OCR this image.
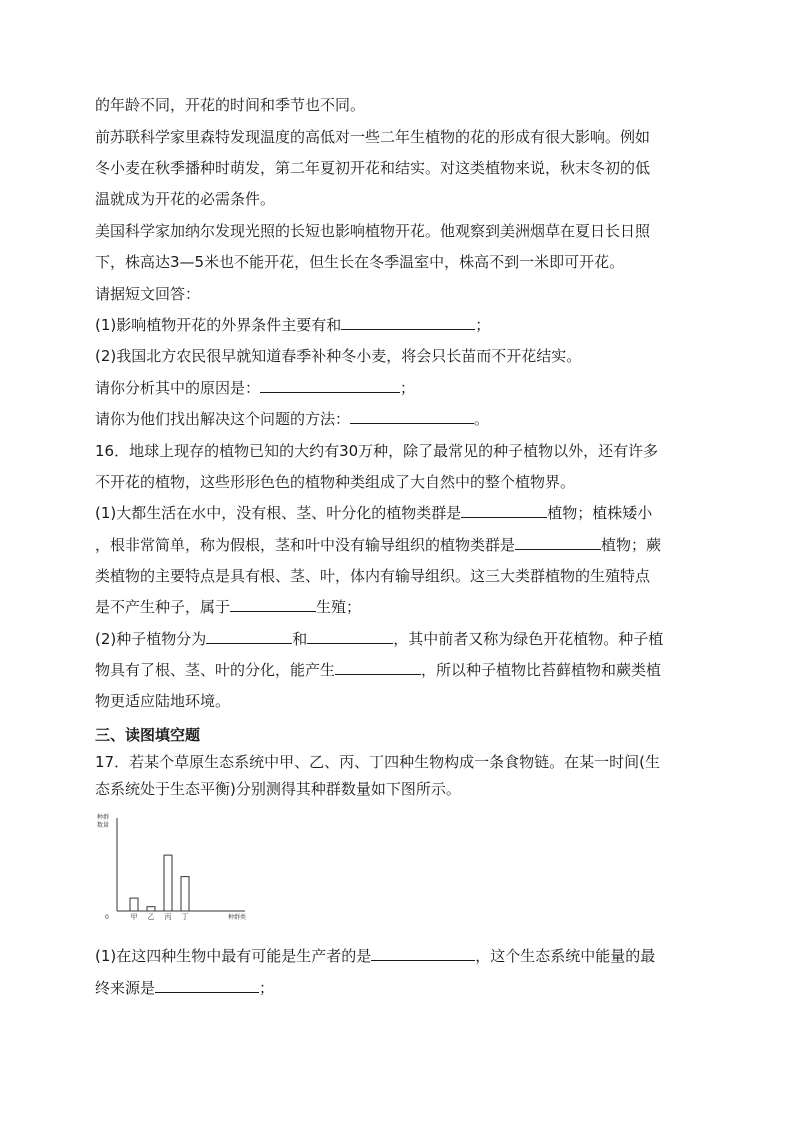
的年龄不同，开花的时间和季节也不同。
前苏联科学家里森特发现温度的高低对一些二年生植物的花的形成有很大影响。例如
冬小麦在秋季播种时萌发，第二年夏初开花和结实。对这类植物来说，秋末冬初的低
温就成为开花的必需条件。
美国科学家加纳尔发现光照的长短也影响植物开花。他观察到美洲烟草在夏日长日照
下，株高达3—5米也不能开花，但生长在冬季温室中，株高不到一米即可开花。
请据短文回答：
(1)影响植物开花的外界条件主要有和	；
(2)我国北方农民很早就知道春季补种冬小麦，将会只长苗而不开花结实。
请你分析其中的原因是：	；
请你为他们找出解决这个问题的方法：	。
16．地球上现存的植物已知的大约有30万种，除了最常见的种子植物以外，还有许多
不开花的植物，这些形形色色的植物种类组成了大自然中的整个植物界。
(1)大都生活在水中，没有根、茎、叶分化的植物类群是	植物；植株矮小
，根非常简单，称为假根，茎和叶中没有输导组织的植物类群是	植物；蕨
类植物的主要特点是具有根、茎、叶，体内有输导组织。这三大类群植物的生殖特点
是不产生种子，属于	生殖；
(2)种子植物分为	和	，其中前者又称为绿色开花植物。种子植
物具有了根、茎、叶的分化，能产生	，所以种子植物比苔藓植物和蕨类植
物更适应陆地环境。
三、读图填空题
17．若某个草原生态系统中甲、乙、丙、丁四种生物构成一条食物链。在某一时间(生
态系统处于生态平衡)分别测得其种群数量如下图所示。
种群
数量
0	种群类
甲 乙 丙 丁
(1)在这四种生物中最有可能是生产者的是	，这个生态系统中能量的最
终来源是	；
